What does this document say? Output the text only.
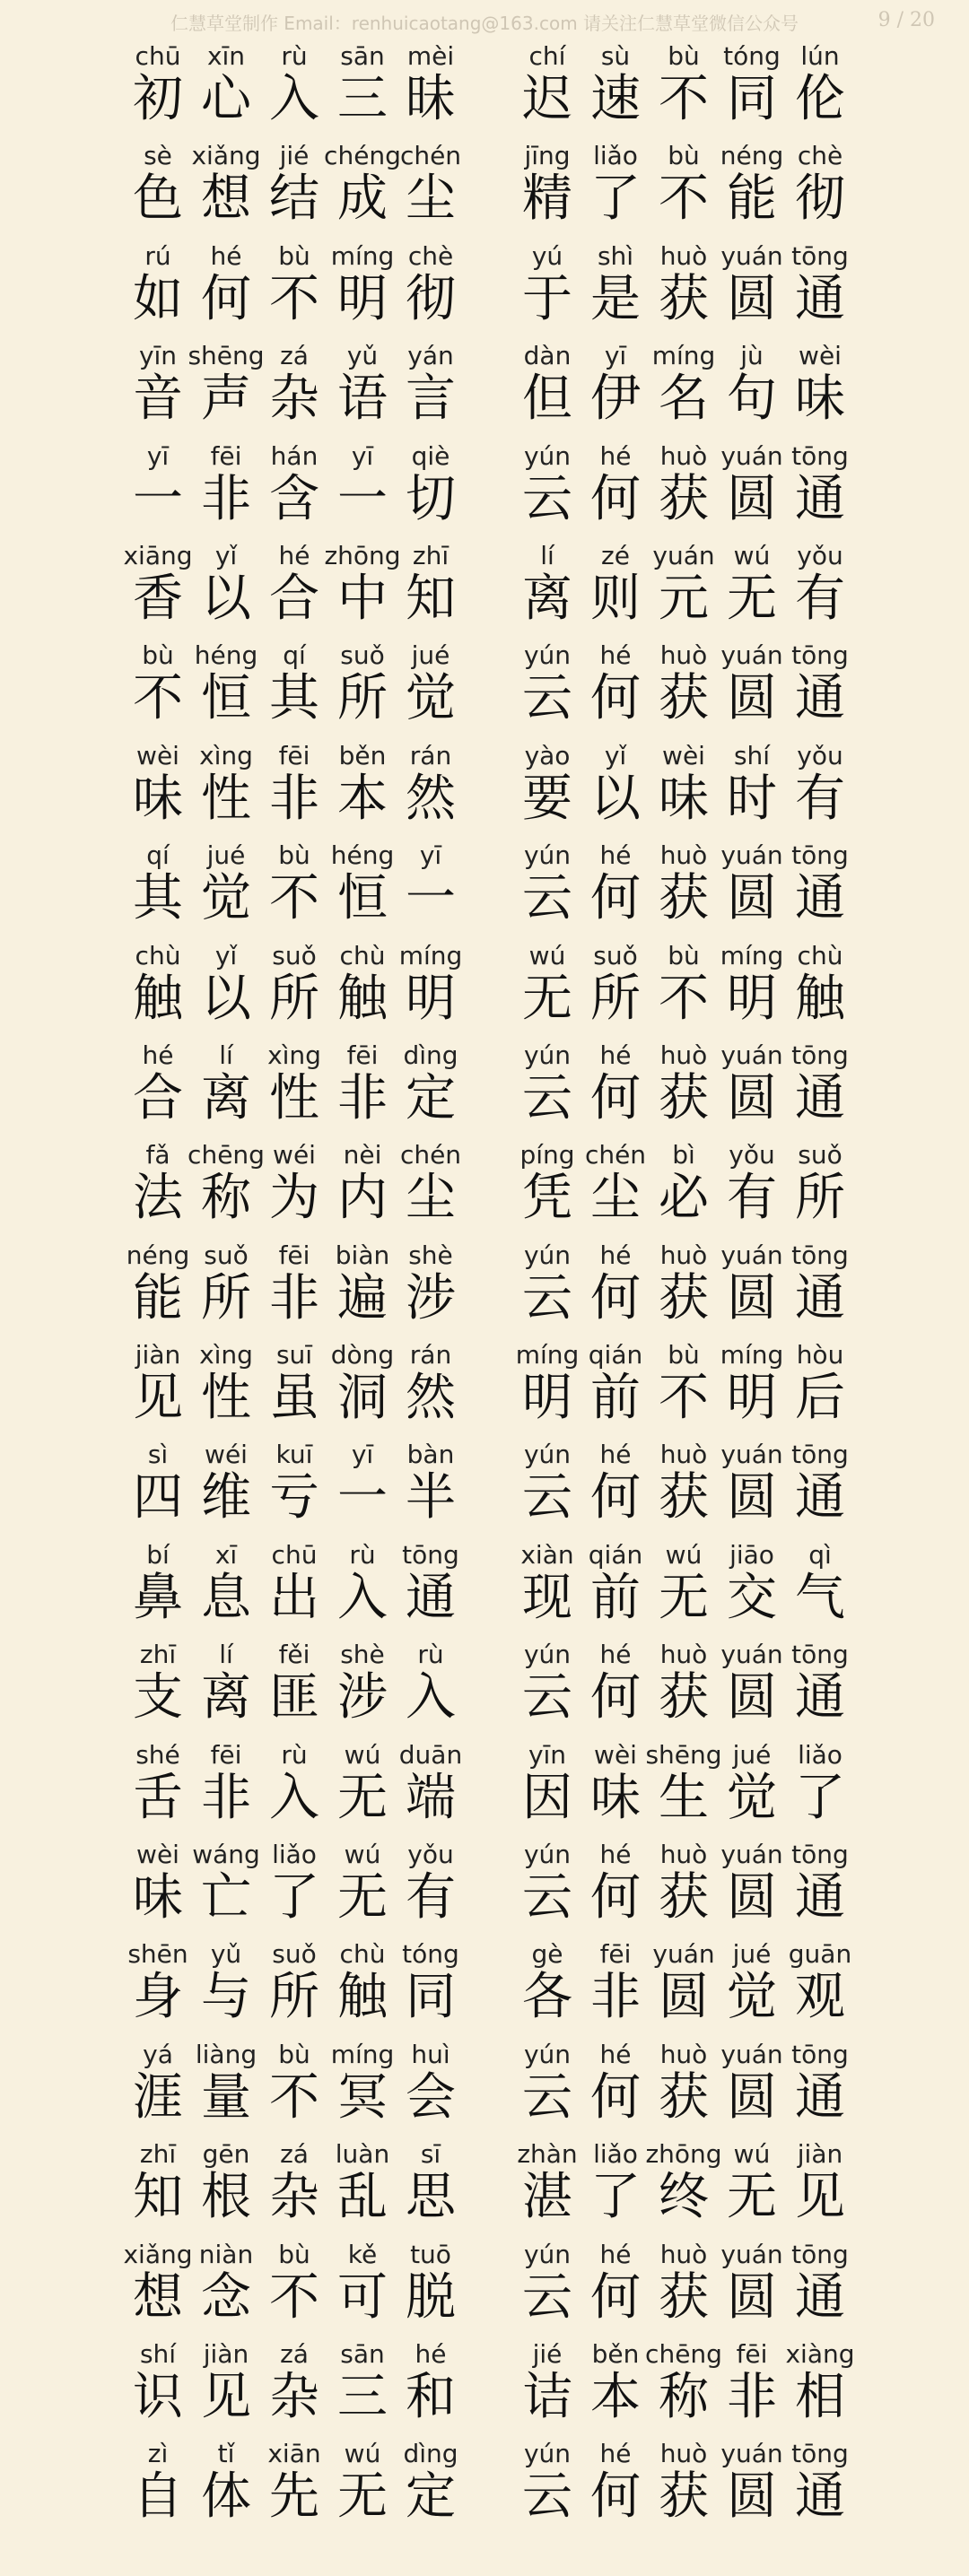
仁慧草堂制作 Email：renhuicaotang@163.com 请关注仁慧草堂微信公众号	9 / 20
chū
初
xīn
心
rù
入
sān
三
mèi
昧
chí
迟
sù
速
bù
不
tóng
同
lún
伦
sè
色
xiǎng
想
jié
结
chéng
成
chén
尘
jīng
精
liǎo
了
bù
不
néng
能
chè
彻
rú
如
hé
何
bù
不
míng
明
chè
彻
yú
于
shì
是
huò
获
yuán
圆
tōng
通
yīn
音
shēng
声
zá
杂
yǔ
语
yán
言
dàn
但
yī
伊
míng
名
jù
句
wèi
味
yī
一
fēi
非
hán
含
yī
一
qiè
切
yún
云
hé
何
huò
获
yuán
圆
tōng
通
xiāng
香
yǐ
以
hé
合
zhōng
中
zhī
知
lí
离
zé
则
yuán
元
wú
无
yǒu
有
bù
不
héng
恒
qí
其
suǒ
所
jué
觉
yún
云
hé
何
huò
获
yuán
圆
tōng
通
wèi
味
xìng
性
fēi
非
běn
本
rán
然
yào
要
yǐ
以
wèi
味
shí
时
yǒu
有
qí
其
jué
觉
bù
不
héng
恒
yī
一
yún
云
hé
何
huò
获
yuán
圆
tōng
通
chù
触
yǐ
以
suǒ
所
chù
触
míng
明
wú
无
suǒ
所
bù
不
míng
明
chù
触
hé
合
lí
离
xìng
性
fēi
非
dìng
定
yún
云
hé
何
huò
获
yuán
圆
tōng
通
fǎ
法
chēng
称
wéi
为
nèi
内
chén
尘
píng
凭
chén
尘
bì
必
yǒu
有
suǒ
所
néng
能
suǒ
所
fēi
非
biàn
遍
shè
涉
yún
云
hé
何
huò
获
yuán
圆
tōng
通
jiàn
见
xìng
性
suī
虽
dòng
洞
rán
然
míng
明
qián
前
bù
不
míng
明
hòu
后
sì
四
wéi
维
kuī
亏
yī
一
bàn
半
yún
云
hé
何
huò
获
yuán
圆
tōng
通
bí
鼻
xī
息
chū
出
rù
入
tōng
通
xiàn
现
qián
前
wú
无
jiāo
交
qì
气
zhī
支
lí
离
fěi
匪
shè
涉
rù
入
yún
云
hé
何
huò
获
yuán
圆
tōng
通
shé
舌
fēi
非
rù
入
wú
无
duān
端
yīn
因
wèi
味
shēng
生
jué
觉
liǎo
了
wèi
味
wáng
亡
liǎo
了
wú
无
yǒu
有
yún
云
hé
何
huò
获
yuán
圆
tōng
通
shēn
身
yǔ
与
suǒ
所
chù
触
tóng
同
gè
各
fēi
非
yuán
圆
jué
觉
guān
观
yá
涯
liàng
量
bù
不
míng
冥
huì
会
yún
云
hé
何
huò
获
yuán
圆
tōng
通
zhī
知
gēn
根
zá
杂
luàn
乱
sī
思
zhàn
湛
liǎo
了
zhōng
终
wú
无
jiàn
见
xiǎng
想
niàn
念
bù
不
kě
可
tuō
脱
yún
云
hé
何
huò
获
yuán
圆
tōng
通
shí
识
jiàn
见
zá
杂
sān
三
hé
和
jié
诘
běn
本
chēng
称
fēi
非
xiàng
相
zì
自
tǐ
体
xiān
先
wú
无
dìng
定
yún
云
hé
何
huò
获
yuán
圆
tōng
通
